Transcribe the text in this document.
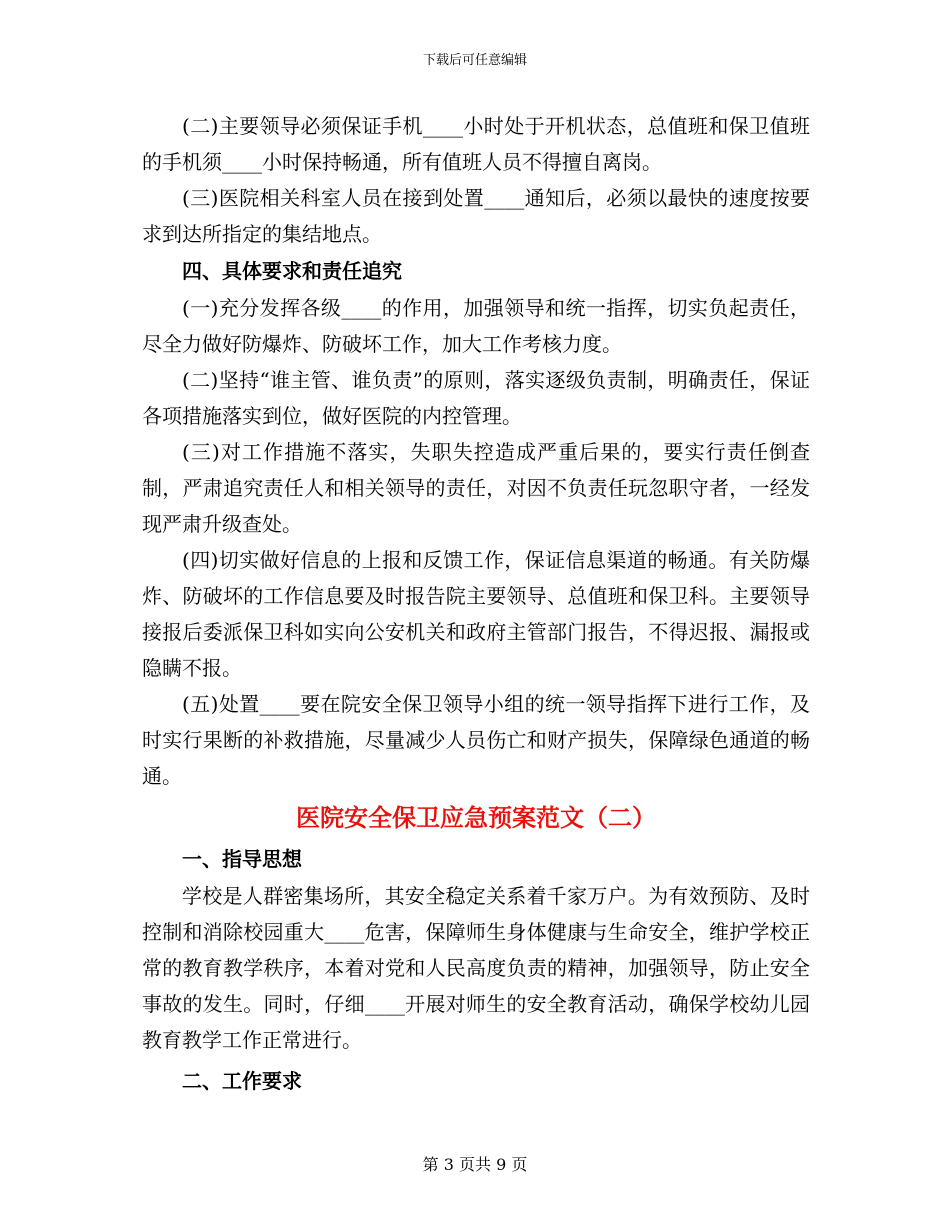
下载后可任意编辑

(二)主要领导必须保证手机____小时处于开机状态，总值班和保卫值班的手机须____小时保持畅通，所有值班人员不得擅自离岗。

(三)医院相关科室人员在接到处置____通知后，必须以最快的速度按要求到达所指定的集结地点。

四、具体要求和责任追究

(一)充分发挥各级____的作用，加强领导和统一指挥，切实负起责任，尽全力做好防爆炸、防破坏工作，加大工作考核力度。

(二)坚持“谁主管、谁负责”的原则，落实逐级负责制，明确责任，保证各项措施落实到位，做好医院的内控管理。

(三)对工作措施不落实，失职失控造成严重后果的，要实行责任倒查制，严肃追究责任人和相关领导的责任，对因不负责任玩忽职守者，一经发现严肃升级查处。

(四)切实做好信息的上报和反馈工作，保证信息渠道的畅通。有关防爆炸、防破坏的工作信息要及时报告院主要领导、总值班和保卫科。主要领导接报后委派保卫科如实向公安机关和政府主管部门报告，不得迟报、漏报或隐瞒不报。

(五)处置____要在院安全保卫领导小组的统一领导指挥下进行工作，及时实行果断的补救措施，尽量减少人员伤亡和财产损失，保障绿色通道的畅通。

医院安全保卫应急预案范文（二）

一、指导思想

学校是人群密集场所，其安全稳定关系着千家万户。为有效预防、及时控制和消除校园重大____危害，保障师生身体健康与生命安全，维护学校正常的教育教学秩序，本着对党和人民高度负责的精神，加强领导，防止安全事故的发生。同时，仔细____开展对师生的安全教育活动，确保学校幼儿园教育教学工作正常进行。

二、工作要求

第 3 页共 9 页
